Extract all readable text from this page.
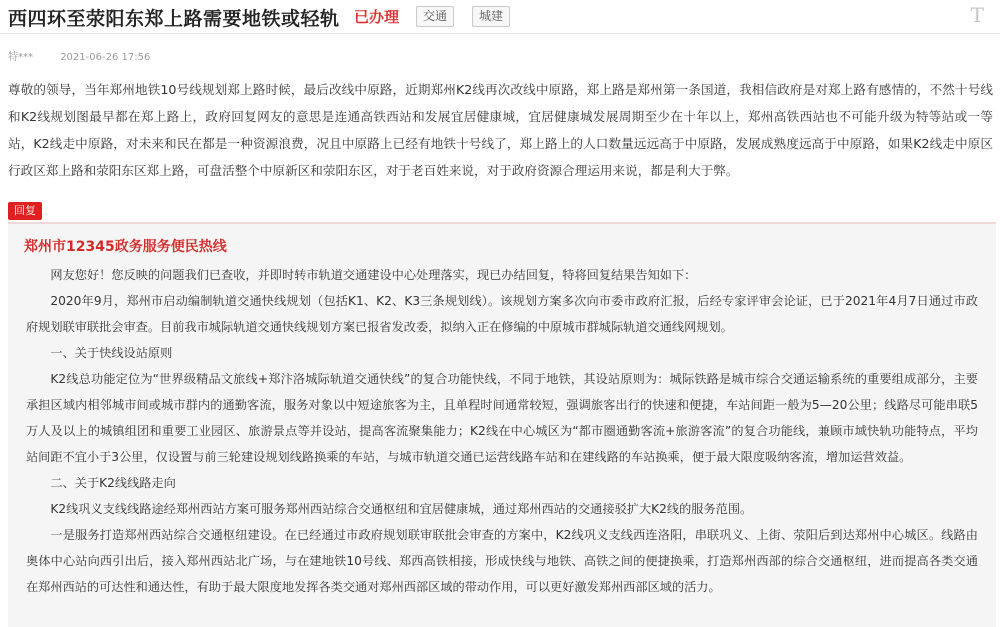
西四环至荥阳东郑上路需要地铁或轻轨 已办理	交通	城建	T
特***	2021-06-26 17:56
尊敬的领导，当年郑州地铁10号线规划郑上路时候，最后改线中原路，近期郑州K2线再次改线中原路，郑上路是郑州第一条国道，我相信政府是对郑上路有感情的，不然十号线和K2线规划图最早都在郑上路上，政府回复网友的意思是连通高铁西站和发展宜居健康城，宜居健康城发展周期至少在十年以上，郑州高铁西站也不可能升级为特等站或一等站，K2线走中原路，对未来和民在都是一种资源浪费，况且中原路上已经有地铁十号线了，郑上路上的人口数量远远高于中原路，发展成熟度远高于中原路，如果K2线走中原区行政区郑上路和荥阳东区郑上路，可盘活整个中原新区和荥阳东区，对于老百姓来说，对于政府资源合理运用来说，都是利大于弊。
回复
郑州市12345政务服务便民热线

网友您好！您反映的问题我们已查收，并即时转市轨道交通建设中心处理落实，现已办结回复，特将回复结果告知如下：

2020年9月，郑州市启动编制轨道交通快线规划（包括K1、K2、K3三条规划线）。该规划方案多次向市委市政府汇报，后经专家评审会论证，已于2021年4月7日通过市政府规划联审联批会审查。目前我市城际轨道交通快线规划方案已报省发改委，拟纳入正在修编的中原城市群城际轨道交通线网规划。

一、关于快线设站原则

K2线总功能定位为“世界级精品文旅线+郑汴洛城际轨道交通快线”的复合功能快线，不同于地铁，其设站原则为：城际铁路是城市综合交通运输系统的重要组成部分，主要承担区域内相邻城市间或城市群内的通勤客流，服务对象以中短途旅客为主，且单程时间通常较短，强调旅客出行的快速和便捷，车站间距一般为5—20公里；线路尽可能串联5万人及以上的城镇组团和重要工业园区、旅游景点等并设站，提高客流聚集能力；K2线在中心城区为“都市圈通勤客流+旅游客流”的复合功能线，兼顾市域快轨功能特点，平均站间距不宜小于3公里，仅设置与前三轮建设规划线路换乘的车站，与城市轨道交通已运营线路车站和在建线路的车站换乘，便于最大限度吸纳客流，增加运营效益。

二、关于K2线线路走向

K2线巩义支线线路途经郑州西站方案可服务郑州西站综合交通枢纽和宜居健康城，通过郑州西站的交通接驳扩大K2线的服务范围。

一是服务打造郑州西站综合交通枢纽建设。在已经通过市政府规划联审联批会审查的方案中，K2线巩义支线西连洛阳，串联巩义、上街、荥阳后到达郑州中心城区。线路由奥体中心站向西引出后，接入郑州西站北广场，与在建地铁10号线、郑西高铁相接，形成快线与地铁、高铁之间的便捷换乘，打造郑州西部的综合交通枢纽，进而提高各类交通在郑州西站的可达性和通达性，有助于最大限度地发挥各类交通对郑州西部区域的带动作用，可以更好激发郑州西部区域的活力。
